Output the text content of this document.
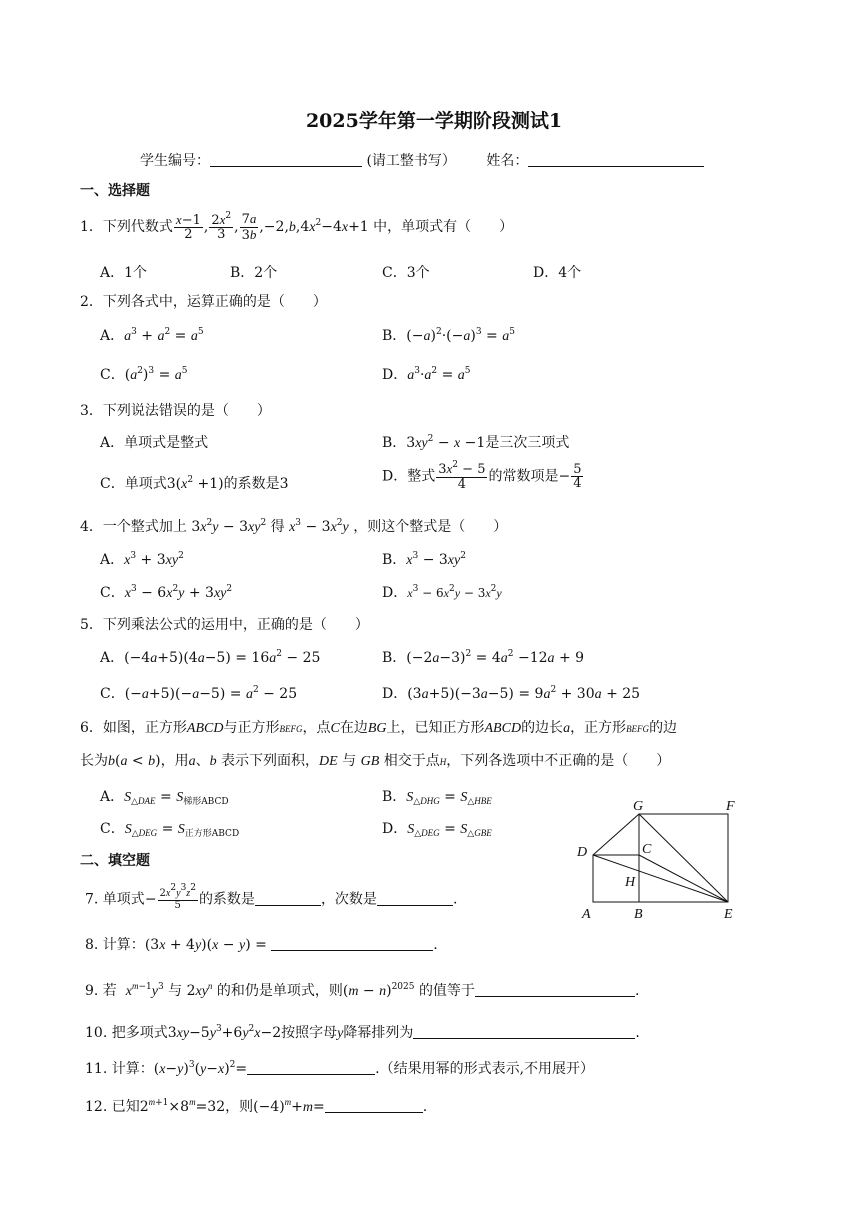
2025学年第一学期阶段测试1
学生编号：	(请工整书写） 姓名：
一、选择题
1．下列代数式 $\frac{x-1}{2}$ , $\frac{2x^2}{3}$ , $\frac{7a}{3b} ,-2,b,4x^2-4x+1$ 中，单项式有（　　）
A．1个	B．2个	C．3个	D．4个
2．下列各式中，运算正确的是（　　）
A．$a^3 + a^2 = a^5$	B．$(-a)^2\cdot(-a)^3 = a^5$
C．$(a^2)^3 = a^5$	D．$a^3\cdot a^2 = a^5$
3．下列说法错误的是（　　）
A．单项式是整式	B．$3xy^2 - x -1$是三次三项式
C．单项式$3(x^2 +1)$的系数是3	D．整式 $\frac{3x^2 - 5}{4}$ 的常数项是− $\frac{5}{4}$
4．一个整式加上 $3x^2y - 3xy^2$ 得 $x^3 - 3x^2y$ ，则这个整式是（　　）
A．$x^3 + 3xy^2$	B．$x^3 - 3xy^2$
C．$x^3 - 6x^2y + 3xy^2$	D．$x^3 - 6x^2y - 3x^2y$
5．下列乘法公式的运用中，正确的是（　　）
A．$(-4a+5)(4a-5) = 16a^2 - 25$	B．$(-2a-3)^2 = 4a^2 -12a + 9$
C．$(-a+5)(-a-5) = a^2 - 25$	D．$(3a+5)(-3a-5) = 9a^2 + 30a + 25$
6．如图，正方形ABCD与正方形BEFG，点C在边BG上，已知正方形ABCD的边长a，正方形BEFG的边
长为b(a < b)，用a、b 表示下列面积，DE 与 GB 相交于点H，下列各选项中不正确的是（　　）
A．$S_{\triangle DAE} = S_{梯形ABCD}$	B．$S_{\triangle DHG} = S_{\triangle HBE}$
C．$S_{\triangle DEG} = S_{正方形ABCD}$	D．$S_{\triangle DEG} = S_{\triangle GBE}$
G	F
D	C
H
A	B	E
二、填空题
7. 单项式− $\frac{2x^2y^3z^2}{5}$ 的系数是	，次数是	.
8. 计算：(3x + 4y)(x − y) =	.
9. 若 $x^{m-1}y^3$ 与 $2xy^n$ 的和仍是单项式，则$(m - n)^{2025}$ 的值等于	.
10. 把多项式$3xy-5y^3+6y^2x-2$按照字母y降幂排列为	.
11. 计算：$(x-y)^3(y-x)^2=$	.（结果用幂的形式表示,不用展开）
12. 已知$2^{m+1}\times 8^m=32$，则$(-4)^m+m=$	.
